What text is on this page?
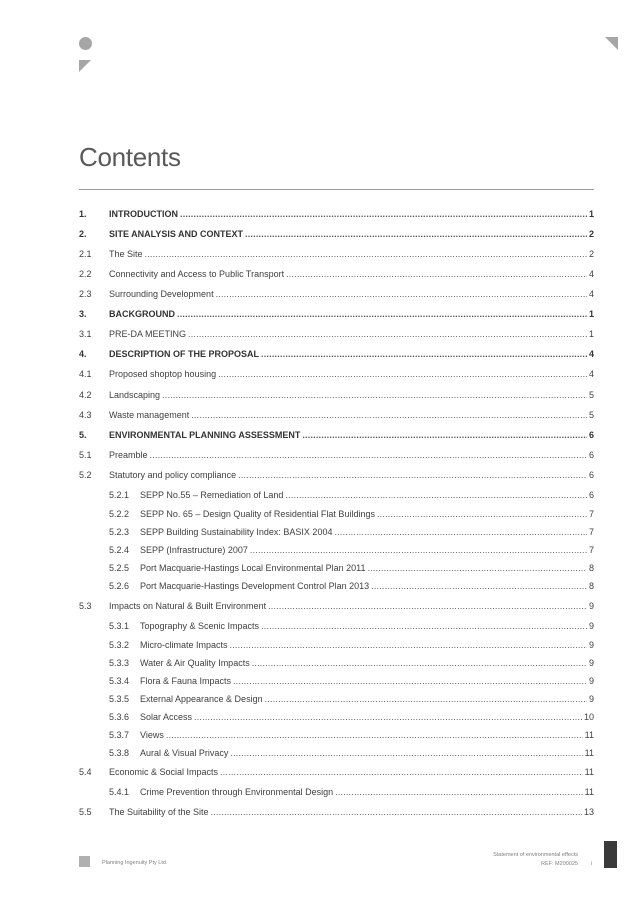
Contents
1.	INTRODUCTION .....	1
2.	SITE ANALYSIS AND CONTEXT .....	2
2.1	The Site .....	2
2.2	Connectivity and Access to Public Transport .....	4
2.3	Surrounding Development .....	4
3.	BACKGROUND .....	1
3.1	PRE-DA MEETING .....	1
4.	DESCRIPTION OF THE PROPOSAL .....	4
4.1	Proposed shoptop housing .....	4
4.2	Landscaping .....	5
4.3	Waste management .....	5
5.	ENVIRONMENTAL PLANNING ASSESSMENT .....	6
5.1	Preamble .....	6
5.2	Statutory and policy compliance .....	6
5.2.1	SEPP No.55 – Remediation of Land .....	6
5.2.2	SEPP No. 65 – Design Quality of Residential Flat Buildings .....	7
5.2.3	SEPP Building Sustainability Index: BASIX 2004 .....	7
5.2.4	SEPP (Infrastructure) 2007 .....	7
5.2.5	Port Macquarie-Hastings Local Environmental Plan 2011 .....	8
5.2.6	Port Macquarie-Hastings Development Control Plan 2013 .....	8
5.3	Impacts on Natural & Built Environment .....	9
5.3.1	Topography & Scenic Impacts .....	9
5.3.2	Micro-climate Impacts .....	9
5.3.3	Water & Air Quality Impacts .....	9
5.3.4	Flora & Fauna Impacts .....	9
5.3.5	External Appearance & Design .....	9
5.3.6	Solar Access .....	10
5.3.7	Views .....	11
5.3.8	Aural & Visual Privacy .....	11
5.4	Economic & Social Impacts .....	11
5.4.1	Crime Prevention through Environmental Design .....	11
5.5	The Suitability of the Site .....	13
Planning Ingenuity Pty Ltd
Statement of environmental effects
REF: M200025 i
